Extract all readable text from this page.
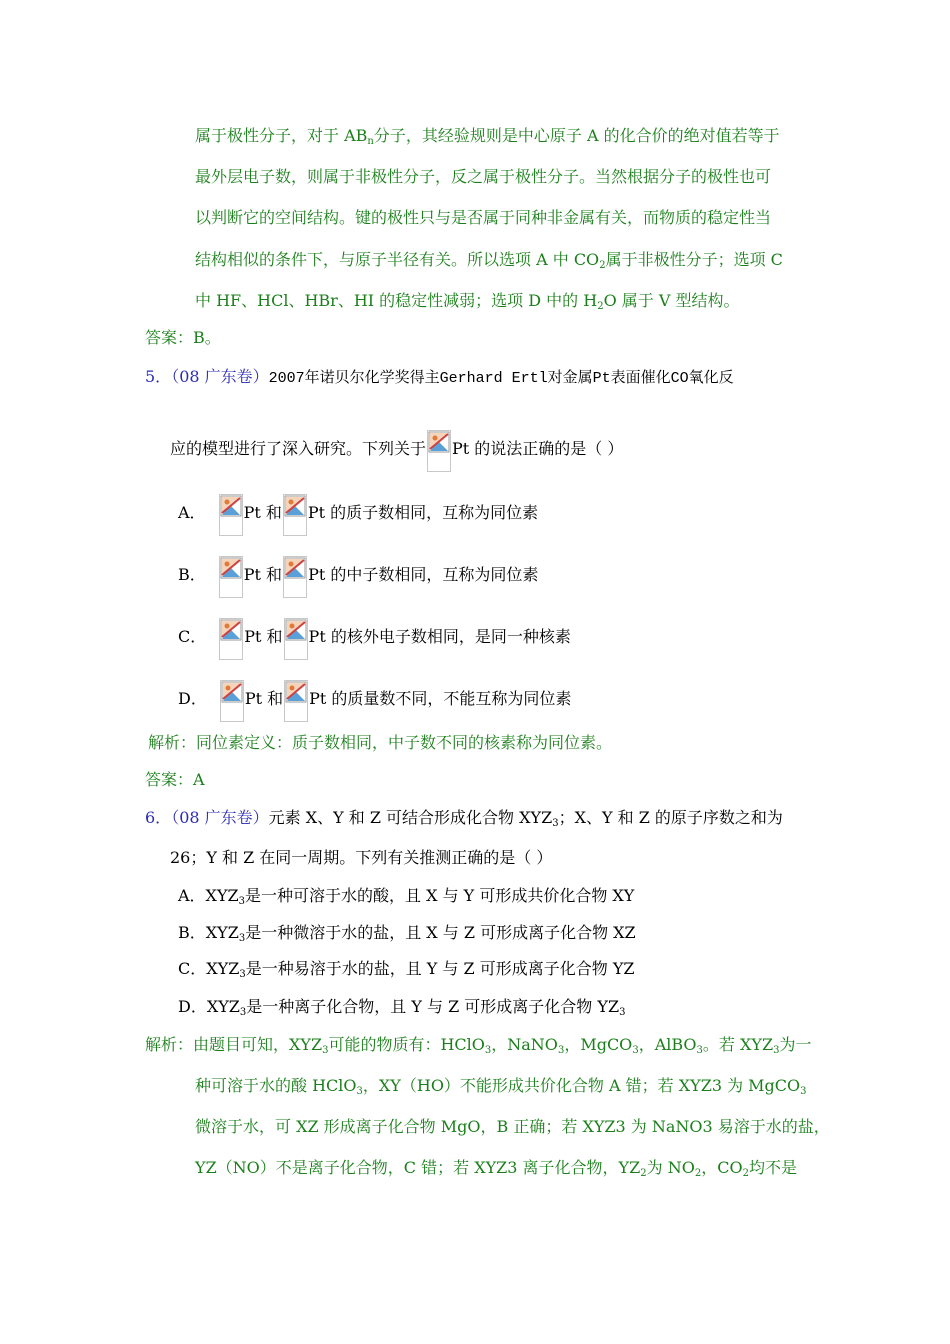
属于极性分子，对于 $AB_n$分子，其经验规则是中心原子 A 的化合价的绝对值若等于
最外层电子数，则属于非极性分子，反之属于极性分子。当然根据分子的极性也可
以判断它的空间结构。键的极性只与是否属于同种非金属有关，而物质的稳定性当
结构相似的条件下，与原子半径有关。所以选项 A 中 $CO_2$属于非极性分子；选项 C
中 HF、HCl、HBr、HI 的稳定性减弱；选项 D 中的 $H_2O$ 属于 V 型结构。
答案：B。
5．（08 广东卷）2007年诺贝尔化学奖得主Gerhard Ertl对金属Pt表面催化CO氧化反
应的模型进行了深入研究。下列关于 Pt 的说法正确的是（ ）
A． Pt 和 Pt 的质子数相同，互称为同位素
B． Pt 和 Pt 的中子数相同，互称为同位素
C． Pt 和 Pt 的核外电子数相同，是同一种核素
D． Pt 和 Pt 的质量数不同，不能互称为同位素
解析：同位素定义：质子数相同，中子数不同的核素称为同位素。
答案：A
6．（08 广东卷）元素 X、Y 和 Z 可结合形成化合物 $XYZ_3$；X、Y 和 Z 的原子序数之和为
26；Y 和 Z 在同一周期。下列有关推测正确的是（ ）
A．$XYZ_3$是一种可溶于水的酸，且 X 与 Y 可形成共价化合物 XY
B．$XYZ_3$是一种微溶于水的盐，且 X 与 Z 可形成离子化合物 XZ
C．$XYZ_3$是一种易溶于水的盐，且 Y 与 Z 可形成离子化合物 YZ
D．$XYZ_3$是一种离子化合物，且 Y 与 Z 可形成离子化合物 $YZ_3$
解析：由题目可知，$XYZ_3$可能的物质有：HClO$_3$，NaNO$_3$，MgCO$_3$，AlBO$_3$。若 $XYZ_3$为一
种可溶于水的酸 HClO$_3$，XY（HO）不能形成共价化合物 A 错；若 XYZ3 为 MgCO$_3$
微溶于水，可 XZ 形成离子化合物 MgO，B 正确；若 XYZ3 为 NaNO3 易溶于水的盐，
YZ（NO）不是离子化合物，C 错；若 XYZ3 离子化合物，$YZ_2$为 $NO_2$，$CO_2$均不是
